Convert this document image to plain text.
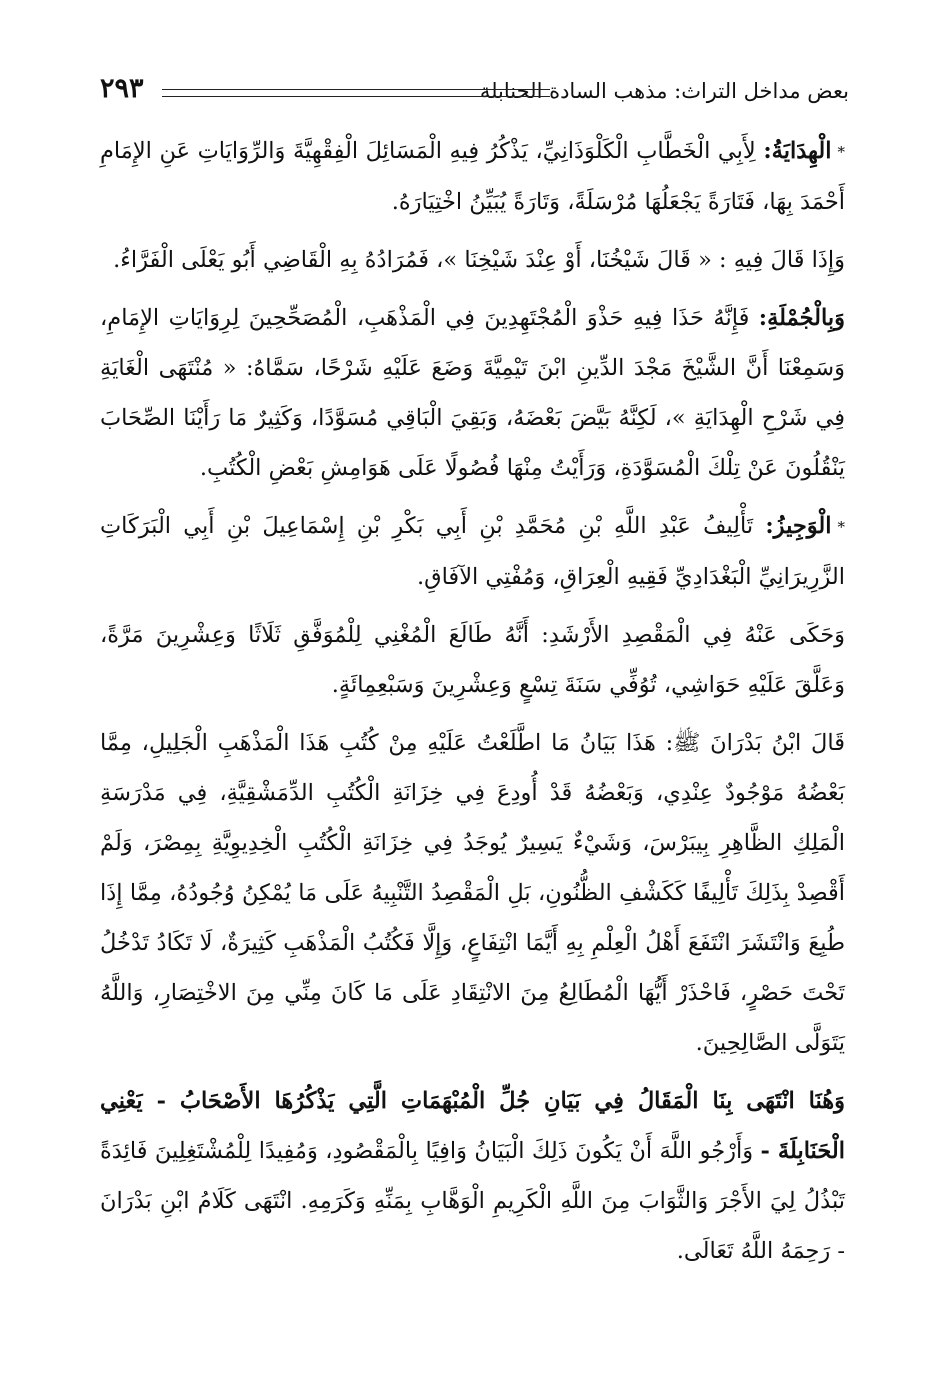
بعض مداخل التراث: مذهب السادة الحنابلة
٢٩٣

*الْهِدَايَةُ: لِأَبِي الْخَطَّابِ الْكَلْوَذَانِيِّ، يَذْكُرُ فِيهِ الْمَسَائِلَ الْفِقْهِيَّةَ وَالرِّوَايَاتِ عَنِ الإِمَامِ أَحْمَدَ بِهَا، فَتَارَةً يَجْعَلُهَا مُرْسَلَةً، وَتَارَةً يُبَيِّنُ اخْتِيَارَهُ.

وَإِذَا قَالَ فِيهِ : « قَالَ شَيْخُنَا، أَوْ عِنْدَ شَيْخِنَا »، فَمُرَادُهُ بِهِ الْقَاضِي أَبُو يَعْلَى الْفَرَّاءُ.

وَبِالْجُمْلَةِ: فَإِنَّهُ حَذَا فِيهِ حَذْوَ الْمُجْتَهِدِينَ فِي الْمَذْهَبِ، الْمُصَحِّحِينَ لِرِوَايَاتِ الإِمَامِ، وَسَمِعْنَا أَنَّ الشَّيْخَ مَجْدَ الدِّينِ ابْنَ تَيْمِيَّةَ وَضَعَ عَلَيْهِ شَرْحًا، سَمَّاهُ: « مُنْتَهَى الْغَايَةِ فِي شَرْحِ الْهِدَايَةِ »، لَكِنَّهُ بَيَّضَ بَعْضَهُ، وَبَقِيَ الْبَاقِي مُسَوَّدًا، وَكَثِيرٌ مَا رَأَيْنَا الصِّحَابَ يَنْقُلُونَ عَنْ تِلْكَ الْمُسَوَّدَةِ، وَرَأَيْتُ مِنْهَا فُصُولًا عَلَى هَوَامِشِ بَعْضِ الْكُتُبِ.

*الْوَجِيزُ: تَأْلِيفُ عَبْدِ اللَّهِ بْنِ مُحَمَّدِ بْنِ أَبِي بَكْرِ بْنِ إِسْمَاعِيلَ بْنِ أَبِي الْبَرَكَاتِ الزَّرِيرَانِيِّ الْبَغْدَادِيِّ فَقِيهِ الْعِرَاقِ، وَمُفْتِي الآفَاقِ.

وَحَكَى عَنْهُ فِي الْمَقْصِدِ الأَرْشَدِ: أَنَّهُ طَالَعَ الْمُغْنِي لِلْمُوَفَّقِ ثَلَاثًا وَعِشْرِينَ مَرَّةً، وَعَلَّقَ عَلَيْهِ حَوَاشِي، تُوُفِّي سَنَةَ تِسْعٍ وَعِشْرِينَ وَسَبْعِمِائَةٍ.

قَالَ ابْنُ بَدْرَانَ ﷺ: هَذَا بَيَانُ مَا اطَّلَعْتُ عَلَيْهِ مِنْ كُتُبِ هَذَا الْمَذْهَبِ الْجَلِيلِ، مِمَّا بَعْضُهُ مَوْجُودٌ عِنْدِي، وَبَعْضُهُ قَدْ أُودِعَ فِي خِزَانَةِ الْكُتُبِ الدِّمَشْقِيَّةِ، فِي مَدْرَسَةِ الْمَلِكِ الظَّاهِرِ بِيبَرْسَ، وَشَيْءٌ يَسِيرٌ يُوجَدُ فِي خِزَانَةِ الْكُتُبِ الْخِدِيوِيَّةِ بِمِصْرَ، وَلَمْ أَقْصِدْ بِذَلِكَ تَأْلِيفًا كَكَشْفِ الظُّنُونِ، بَلِ الْمَقْصِدُ التَّنْبِيهُ عَلَى مَا يُمْكِنُ وُجُودُهُ، مِمَّا إِذَا طُبِعَ وَانْتَشَرَ انْتَفَعَ أَهْلُ الْعِلْمِ بِهِ أَيَّمَا انْتِفَاعٍ، وَإِلَّا فَكُتُبُ الْمَذْهَبِ كَثِيرَةٌ، لَا تَكَادُ تَدْخُلُ تَحْتَ حَصْرٍ، فَاحْذَرْ أَيُّهَا الْمُطَالِعُ مِنَ الانْتِقَادِ عَلَى مَا كَانَ مِنِّي مِنَ الاخْتِصَارِ، وَاللَّهُ يَتَوَلَّى الصَّالِحِينَ.

وَهُنَا انْتَهَى بِنَا الْمَقَالُ فِي بَيَانِ جُلِّ الْمُبْهَمَاتِ الَّتِي يَذْكُرُهَا الأَصْحَابُ - يَعْنِي الْحَنَابِلَةَ - وَأَرْجُو اللَّهَ أَنْ يَكُونَ ذَلِكَ الْبَيَانُ وَافِيًا بِالْمَقْصُودِ، وَمُفِيدًا لِلْمُشْتَغِلِينَ فَائِدَةً تَبْذُلُ لِيَ الأَجْرَ وَالثَّوَابَ مِنَ اللَّهِ الْكَرِيمِ الْوَهَّابِ بِمَنِّهِ وَكَرَمِهِ. انْتَهَى كَلَامُ ابْنِ بَدْرَانَ - رَحِمَهُ اللَّهُ تَعَالَى.
